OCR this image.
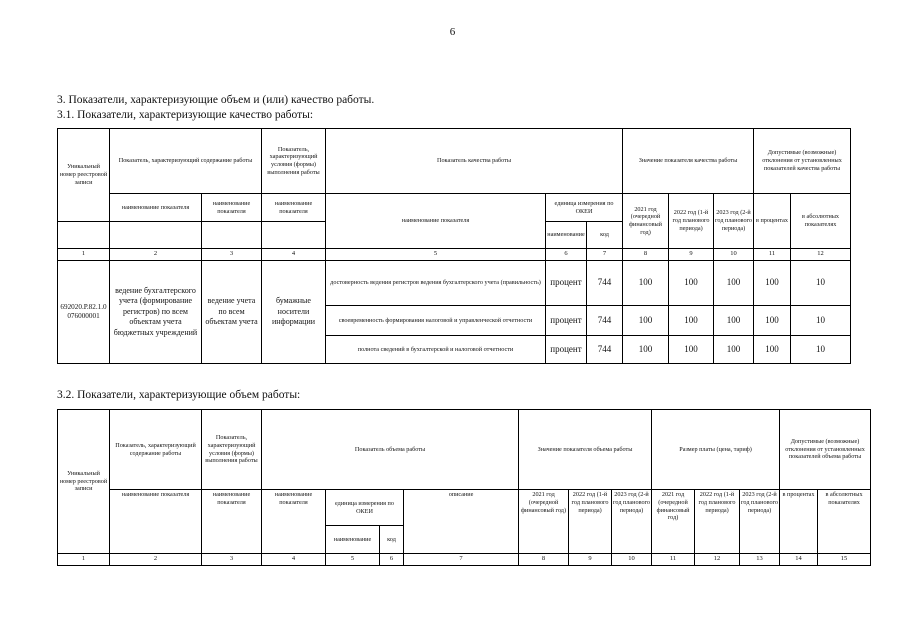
6
3. Показатели, характеризующие объем и (или) качество работы.
3.1. Показатели, характеризующие качество работы:
Уникальный номер реестровой записи	Показатель, характеризующий содержание работы		Показатель, характеризующий условия (формы) выполнения работы	Показатель качества работы			Значение показателя качества работы			Допустимые (возможные) отклонения от установленных показателей качества работы	
	наименование показателя	наименование показателя	наименование показателя	наименование показателя	единица измерения по ОКЕИ		2021 год (очередной финансовый год)	2022 год (1-й год планового периода)	2023 год (2-й год планового периода)	в процентах	в абсолютных показателях
					наименование	код					
1	2	3	4	5	6	7	8	9	10	11	12
692020.Р.82.1.0 076000001	ведение бухгалтерского учета (формирование регистров) по всем объектам учета бюджетных учреждений	ведение учета по всем объектам учета	бумажные носители информации	достоверность ведения регистров ведения бухгалтерского учета (правильность)	процент	744	100	100	100	100	10
				своевременность формирования налоговой и управленческой отчетности	процент	744	100	100	100	100	10
				полнота сведений в бухгалтерской и налоговой отчетности	процент	744	100	100	100	100	10
3.2. Показатели, характеризующие объем работы:
Уникальный номер реестровой записи	Показатель, характеризующий содержание работы	Показатель, характеризующий условия (формы) выполнения работы	Показатель объема работы				Значение показателя объема работы			Размер платы (цена, тариф)			Допустимые (возможные) отклонения от установленных показателей объема работы	
	наименование показателя	наименование показателя	наименование показателя	единица измерения по ОКЕИ		описание	2021 год (очередной финансовый год)	2022 год (1-й год планового периода)	2023 год (2-й год планового периода)	2021 год (очередной финансовый год)	2022 год (1-й год планового периода)	2023 год (2-й год планового периода)	в процентах	в абсолютных показателях
				наименование	код									
1	2	3	4	5	6	7	8	9	10	11	12	13	14	15
